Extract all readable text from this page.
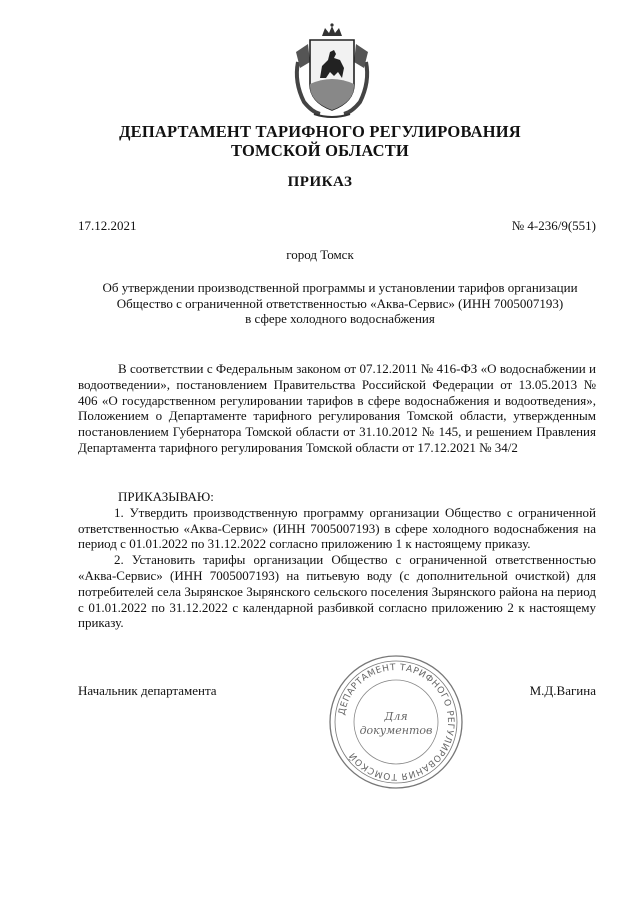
ДЕПАРТАМЕНТ ТАРИФНОГО РЕГУЛИРОВАНИЯ
ТОМСКОЙ ОБЛАСТИ
ПРИКАЗ
17.12.2021	№ 4-236/9(551)
город Томск
Об утверждении производственной программы и установлении тарифов организации
Общество с ограниченной ответственностью «Аква-Сервис» (ИНН 7005007193)
в сфере холодного водоснабжения

В соответствии с Федеральным законом от 07.12.2011 № 416-ФЗ «О водоснабжении и водоотведении», постановлением Правительства Российской Федерации от 13.05.2013 № 406 «О государственном регулировании тарифов в сфере водоснабжения и водоотведения», Положением о Департаменте тарифного регулирования Томской области, утвержденным постановлением Губернатора Томской области от 31.10.2012 № 145, и решением Правления Департамента тарифного регулирования Томской области от 17.12.2021 № 34/2

ПРИКАЗЫВАЮ:

1. Утвердить производственную программу организации Общество с ограниченной ответственностью «Аква-Сервис» (ИНН 7005007193) в сфере холодного водоснабжения на период с 01.01.2022 по 31.12.2022 согласно приложению 1 к настоящему приказу.

2. Установить тарифы организации Общество с ограниченной ответственностью «Аква-Сервис» (ИНН 7005007193) на питьевую воду (с дополнительной очисткой) для потребителей села Зырянское Зырянского сельского поселения Зырянского района на период с 01.01.2022 по 31.12.2022 с календарной разбивкой согласно приложению 2 к настоящему приказу.

Начальник департамента	М.Д.Вагина
ДЕПАРТАМЕНТ ТАРИФНОГО РЕГУЛИРОВАНИЯ ТОМСКОЙ
Для
документов
